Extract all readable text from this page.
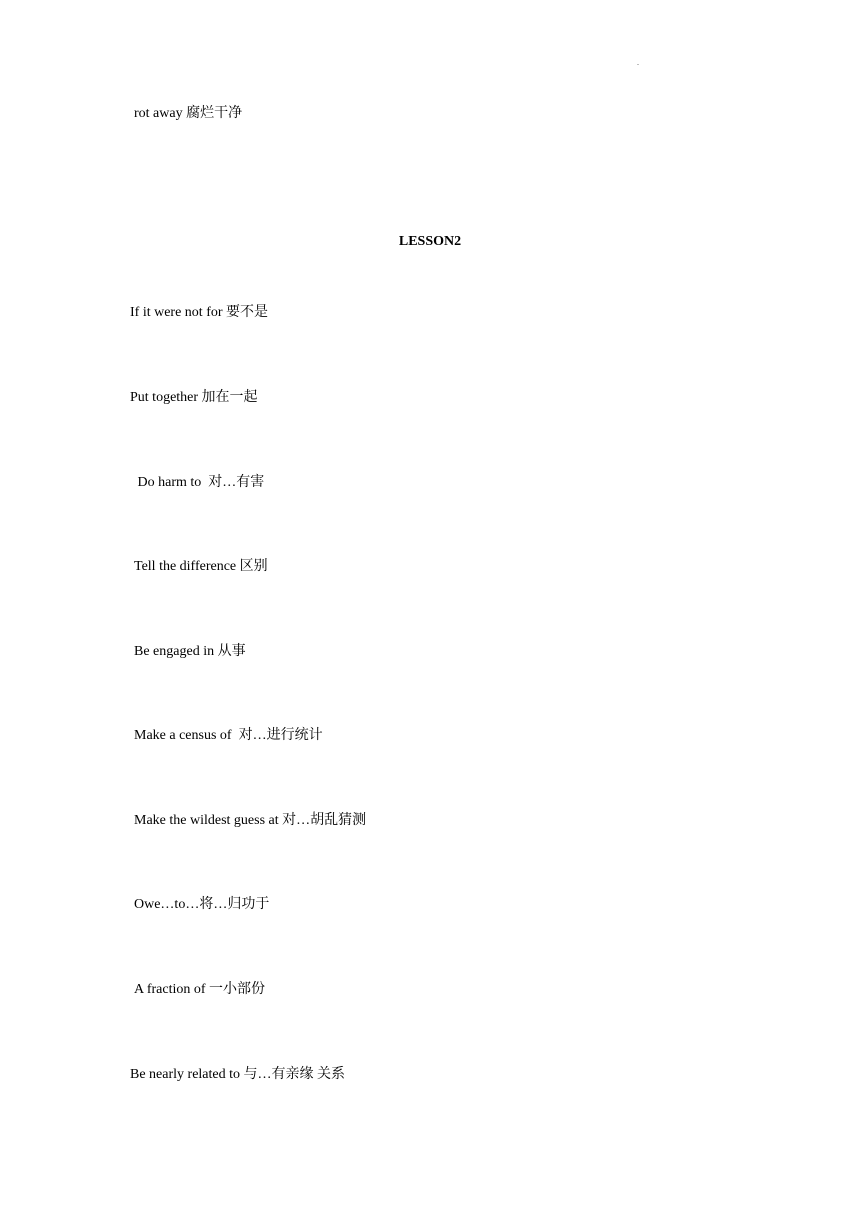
.
rot away 腐烂干净
LESSON2
If it were not for 要不是
Put together 加在一起
Do harm to  对…有害
Tell the difference 区别
Be engaged in 从事
Make a census of  对…进行统计
Make the wildest guess at 对…胡乱猜测
Owe…to…将…归功于
A fraction of 一小部份
Be nearly related to 与…有亲缘 关系
